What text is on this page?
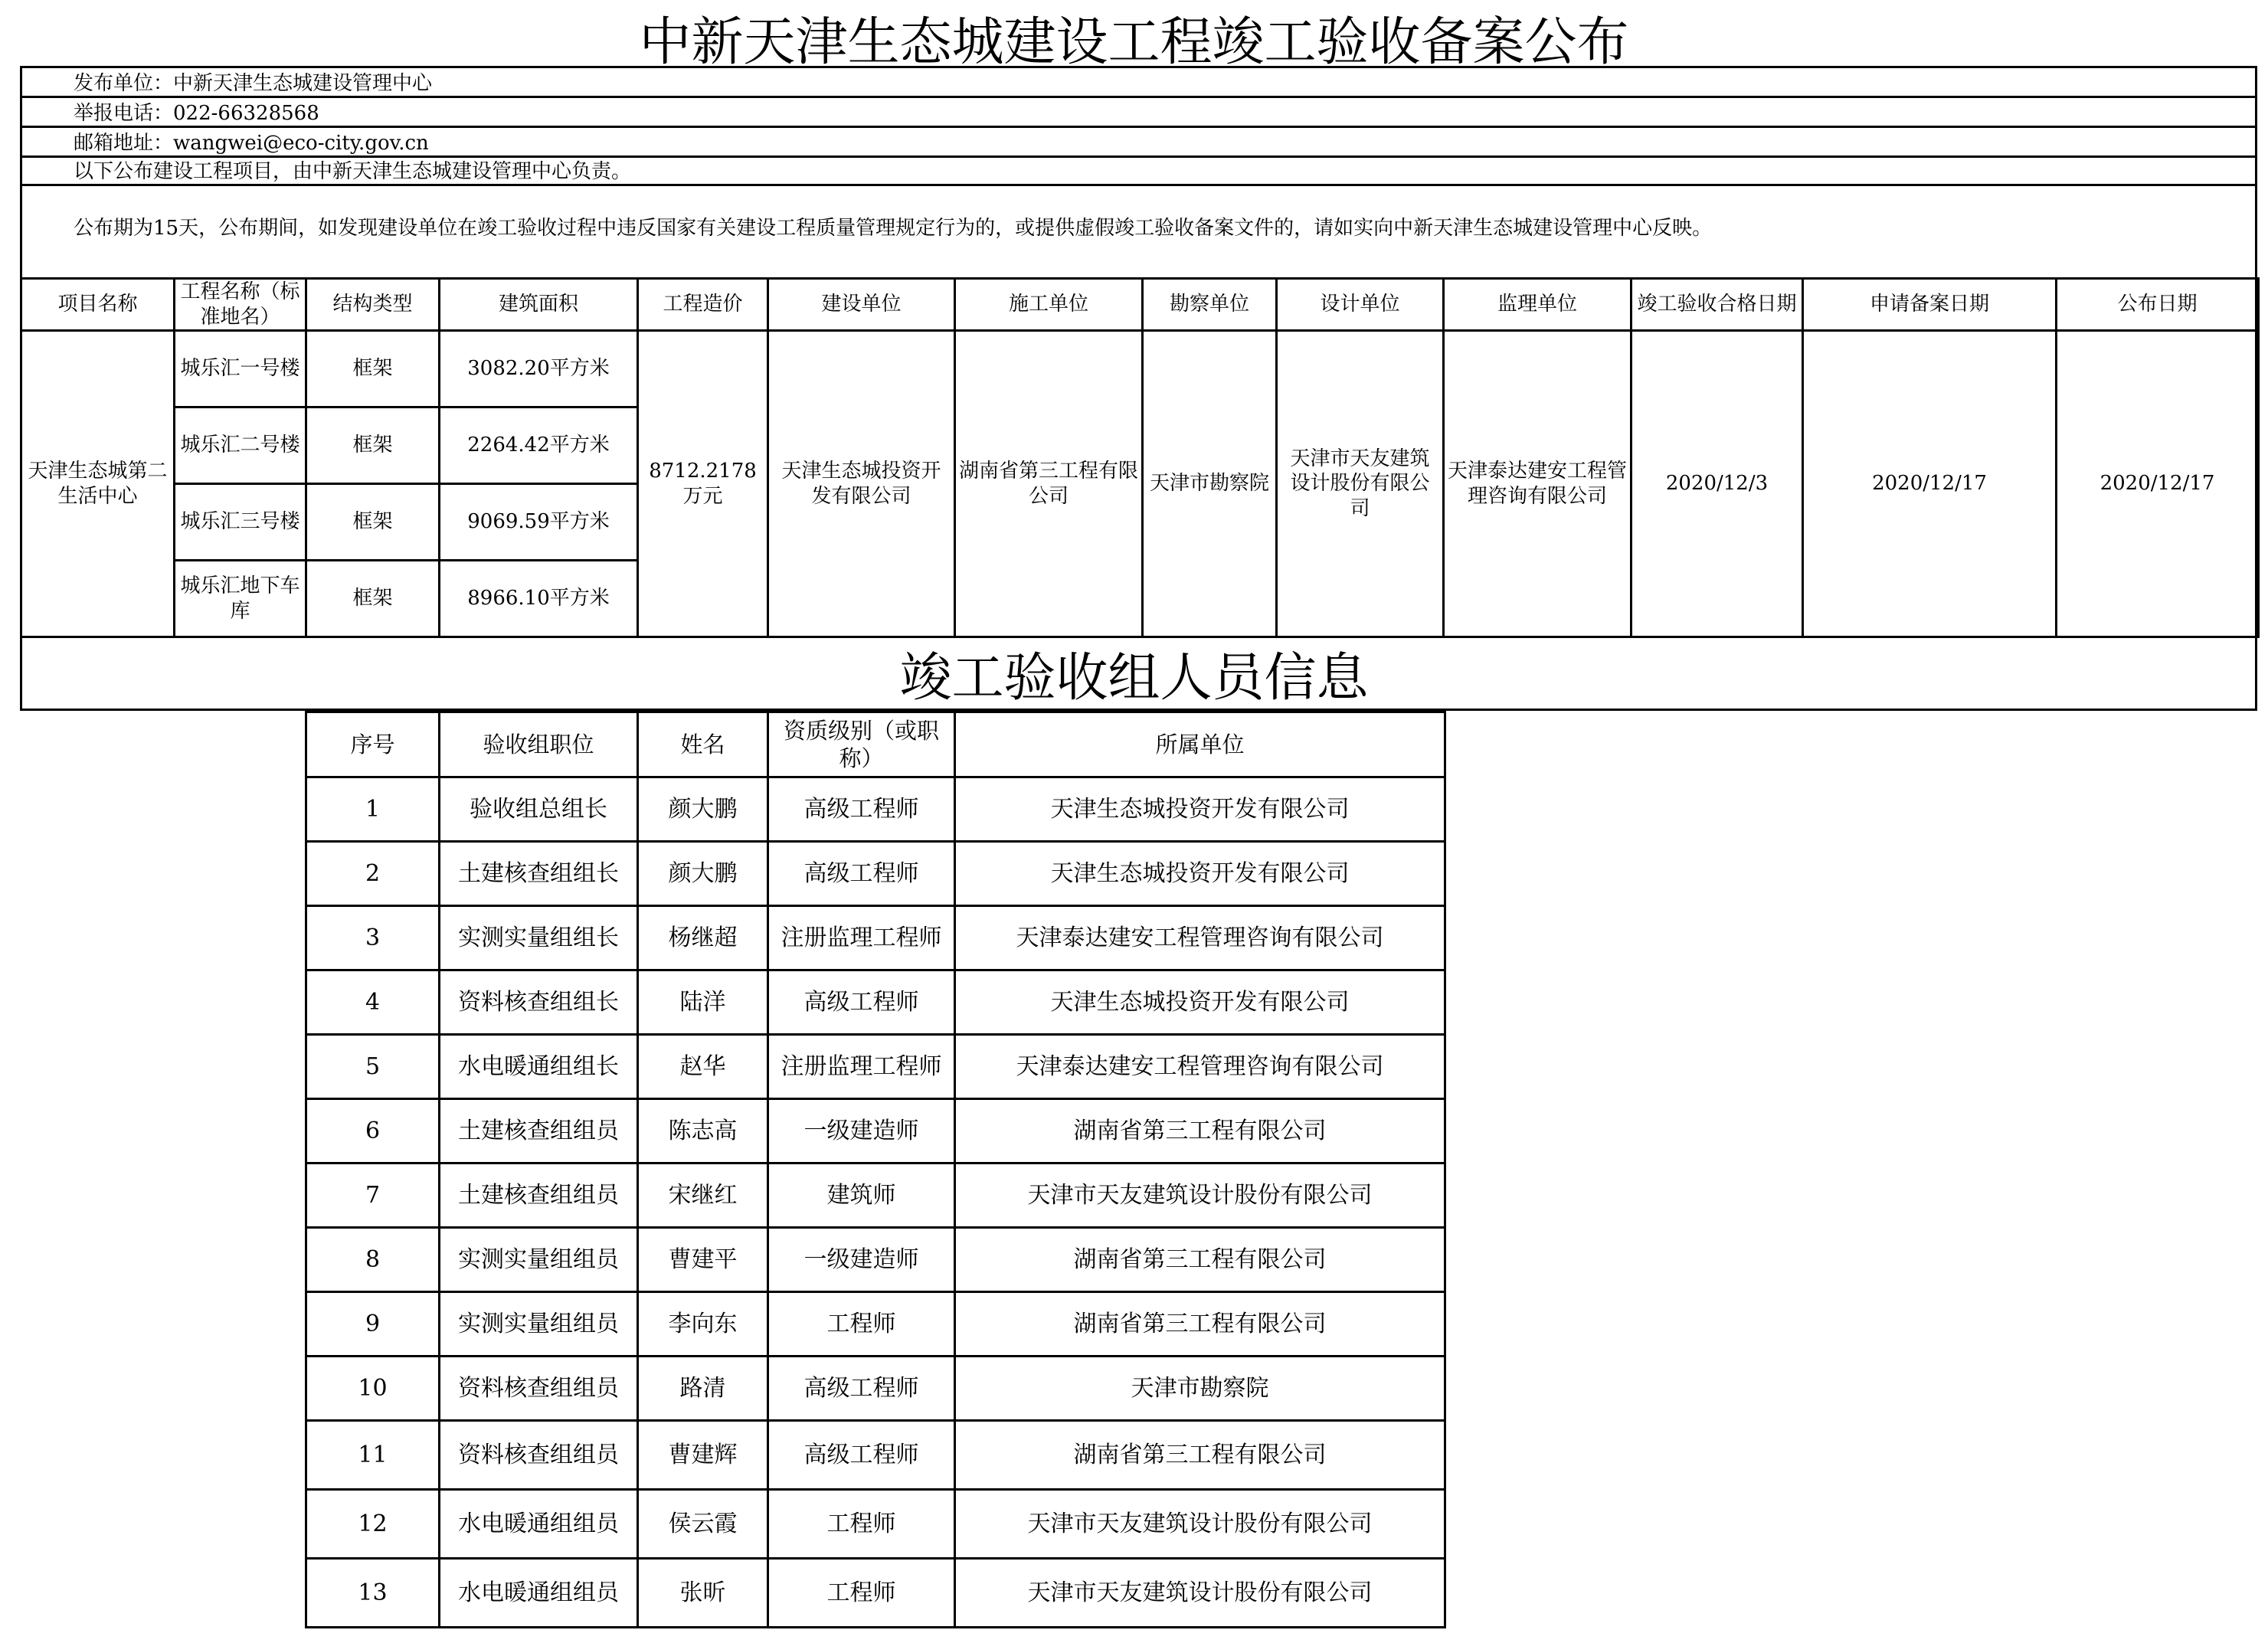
中新天津生态城建设工程竣工验收备案公布
发布单位：中新天津生态城建设管理中心
举报电话：022-66328568
邮箱地址：wangwei@eco-city.gov.cn
以下公布建设工程项目，由中新天津生态城建设管理中心负责。
公布期为15天，公布期间，如发现建设单位在竣工验收过程中违反国家有关建设工程质量管理规定行为的，或提供虚假竣工验收备案文件的，请如实向中新天津生态城建设管理中心反映。
项目名称	工程名称（标准地名）	结构类型	建筑面积	工程造价	建设单位	施工单位	勘察单位	设计单位	监理单位	竣工验收合格日期	申请备案日期	公布日期
天津生态城第二生活中心	城乐汇一号楼	框架	3082.20平方米	8712.2178万元	天津生态城投资开发有限公司	湖南省第三工程有限公司	天津市勘察院	天津市天友建筑设计股份有限公司	天津泰达建安工程管理咨询有限公司	2020/12/3	2020/12/17	2020/12/17
	城乐汇二号楼	框架	2264.42平方米									
	城乐汇三号楼	框架	9069.59平方米									
	城乐汇地下车库	框架	8966.10平方米									
竣工验收组人员信息
序号	验收组职位	姓名	资质级别（或职称）	所属单位
1	验收组总组长	颜大鹏	高级工程师	天津生态城投资开发有限公司
2	土建核查组组长	颜大鹏	高级工程师	天津生态城投资开发有限公司
3	实测实量组组长	杨继超	注册监理工程师	天津泰达建安工程管理咨询有限公司
4	资料核查组组长	陆洋	高级工程师	天津生态城投资开发有限公司
5	水电暖通组组长	赵华	注册监理工程师	天津泰达建安工程管理咨询有限公司
6	土建核查组组员	陈志高	一级建造师	湖南省第三工程有限公司
7	土建核查组组员	宋继红	建筑师	天津市天友建筑设计股份有限公司
8	实测实量组组员	曹建平	一级建造师	湖南省第三工程有限公司
9	实测实量组组员	李向东	工程师	湖南省第三工程有限公司
10	资料核查组组员	路清	高级工程师	天津市勘察院
11	资料核查组组员	曹建辉	高级工程师	湖南省第三工程有限公司
12	水电暖通组组员	侯云霞	工程师	天津市天友建筑设计股份有限公司
13	水电暖通组组员	张昕	工程师	天津市天友建筑设计股份有限公司
